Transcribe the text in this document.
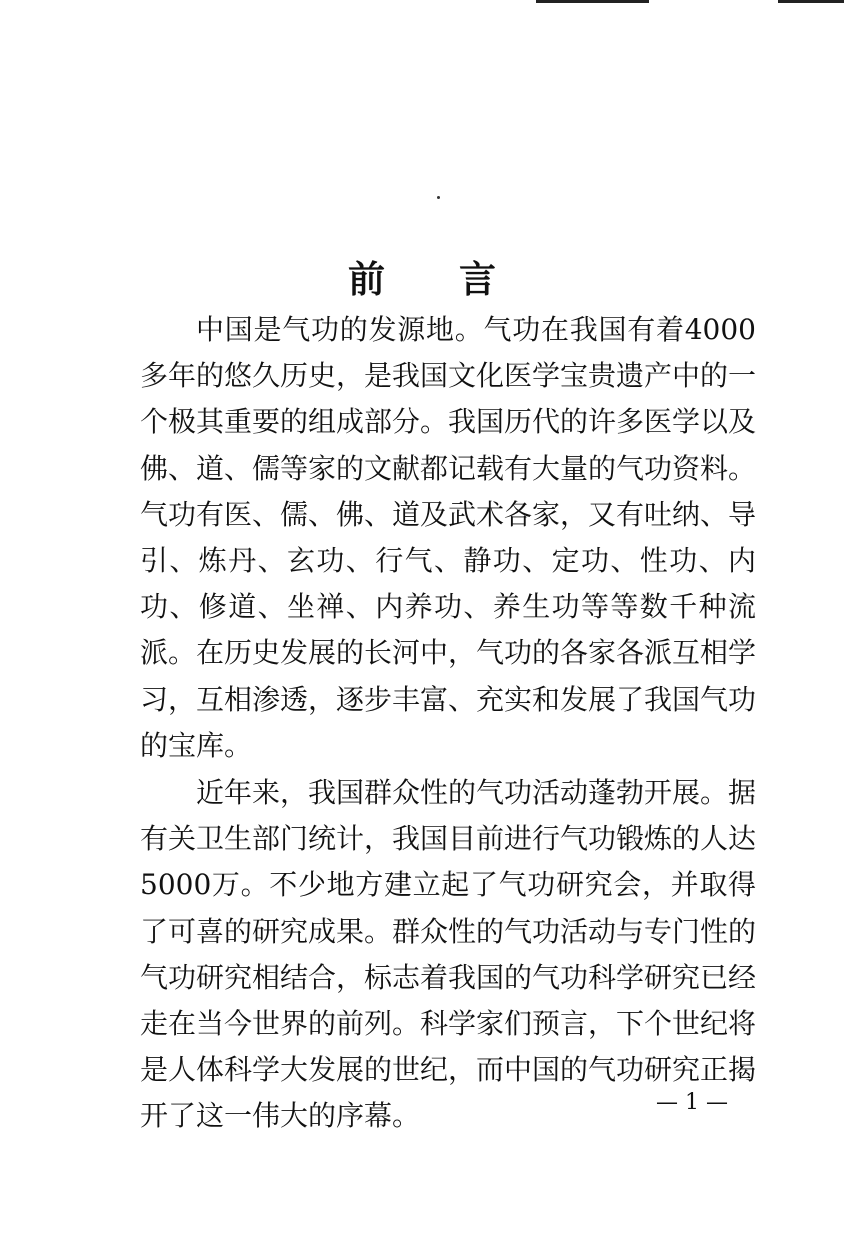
前 言

中国是气功的发源地。气功在我国有着4000多年的悠久历史，是我国文化医学宝贵遗产中的一个极其重要的组成部分。我国历代的许多医学以及佛、道、儒等家的文献都记载有大量的气功资料。气功有医、儒、佛、道及武术各家，又有吐纳、导引、炼丹、玄功、行气、静功、定功、性功、内功、修道、坐禅、内养功、养生功等等数千种流派。在历史发展的长河中，气功的各家各派互相学习，互相渗透，逐步丰富、充实和发展了我国气功的宝库。

近年来，我国群众性的气功活动蓬勃开展。据有关卫生部门统计，我国目前进行气功锻炼的人达5000万。不少地方建立起了气功研究会，并取得了可喜的研究成果。群众性的气功活动与专门性的气功研究相结合，标志着我国的气功科学研究已经走在当今世界的前列。科学家们预言，下个世纪将是人体科学大发展的世纪，而中国的气功研究正揭开了这一伟大的序幕。	— 1 —
